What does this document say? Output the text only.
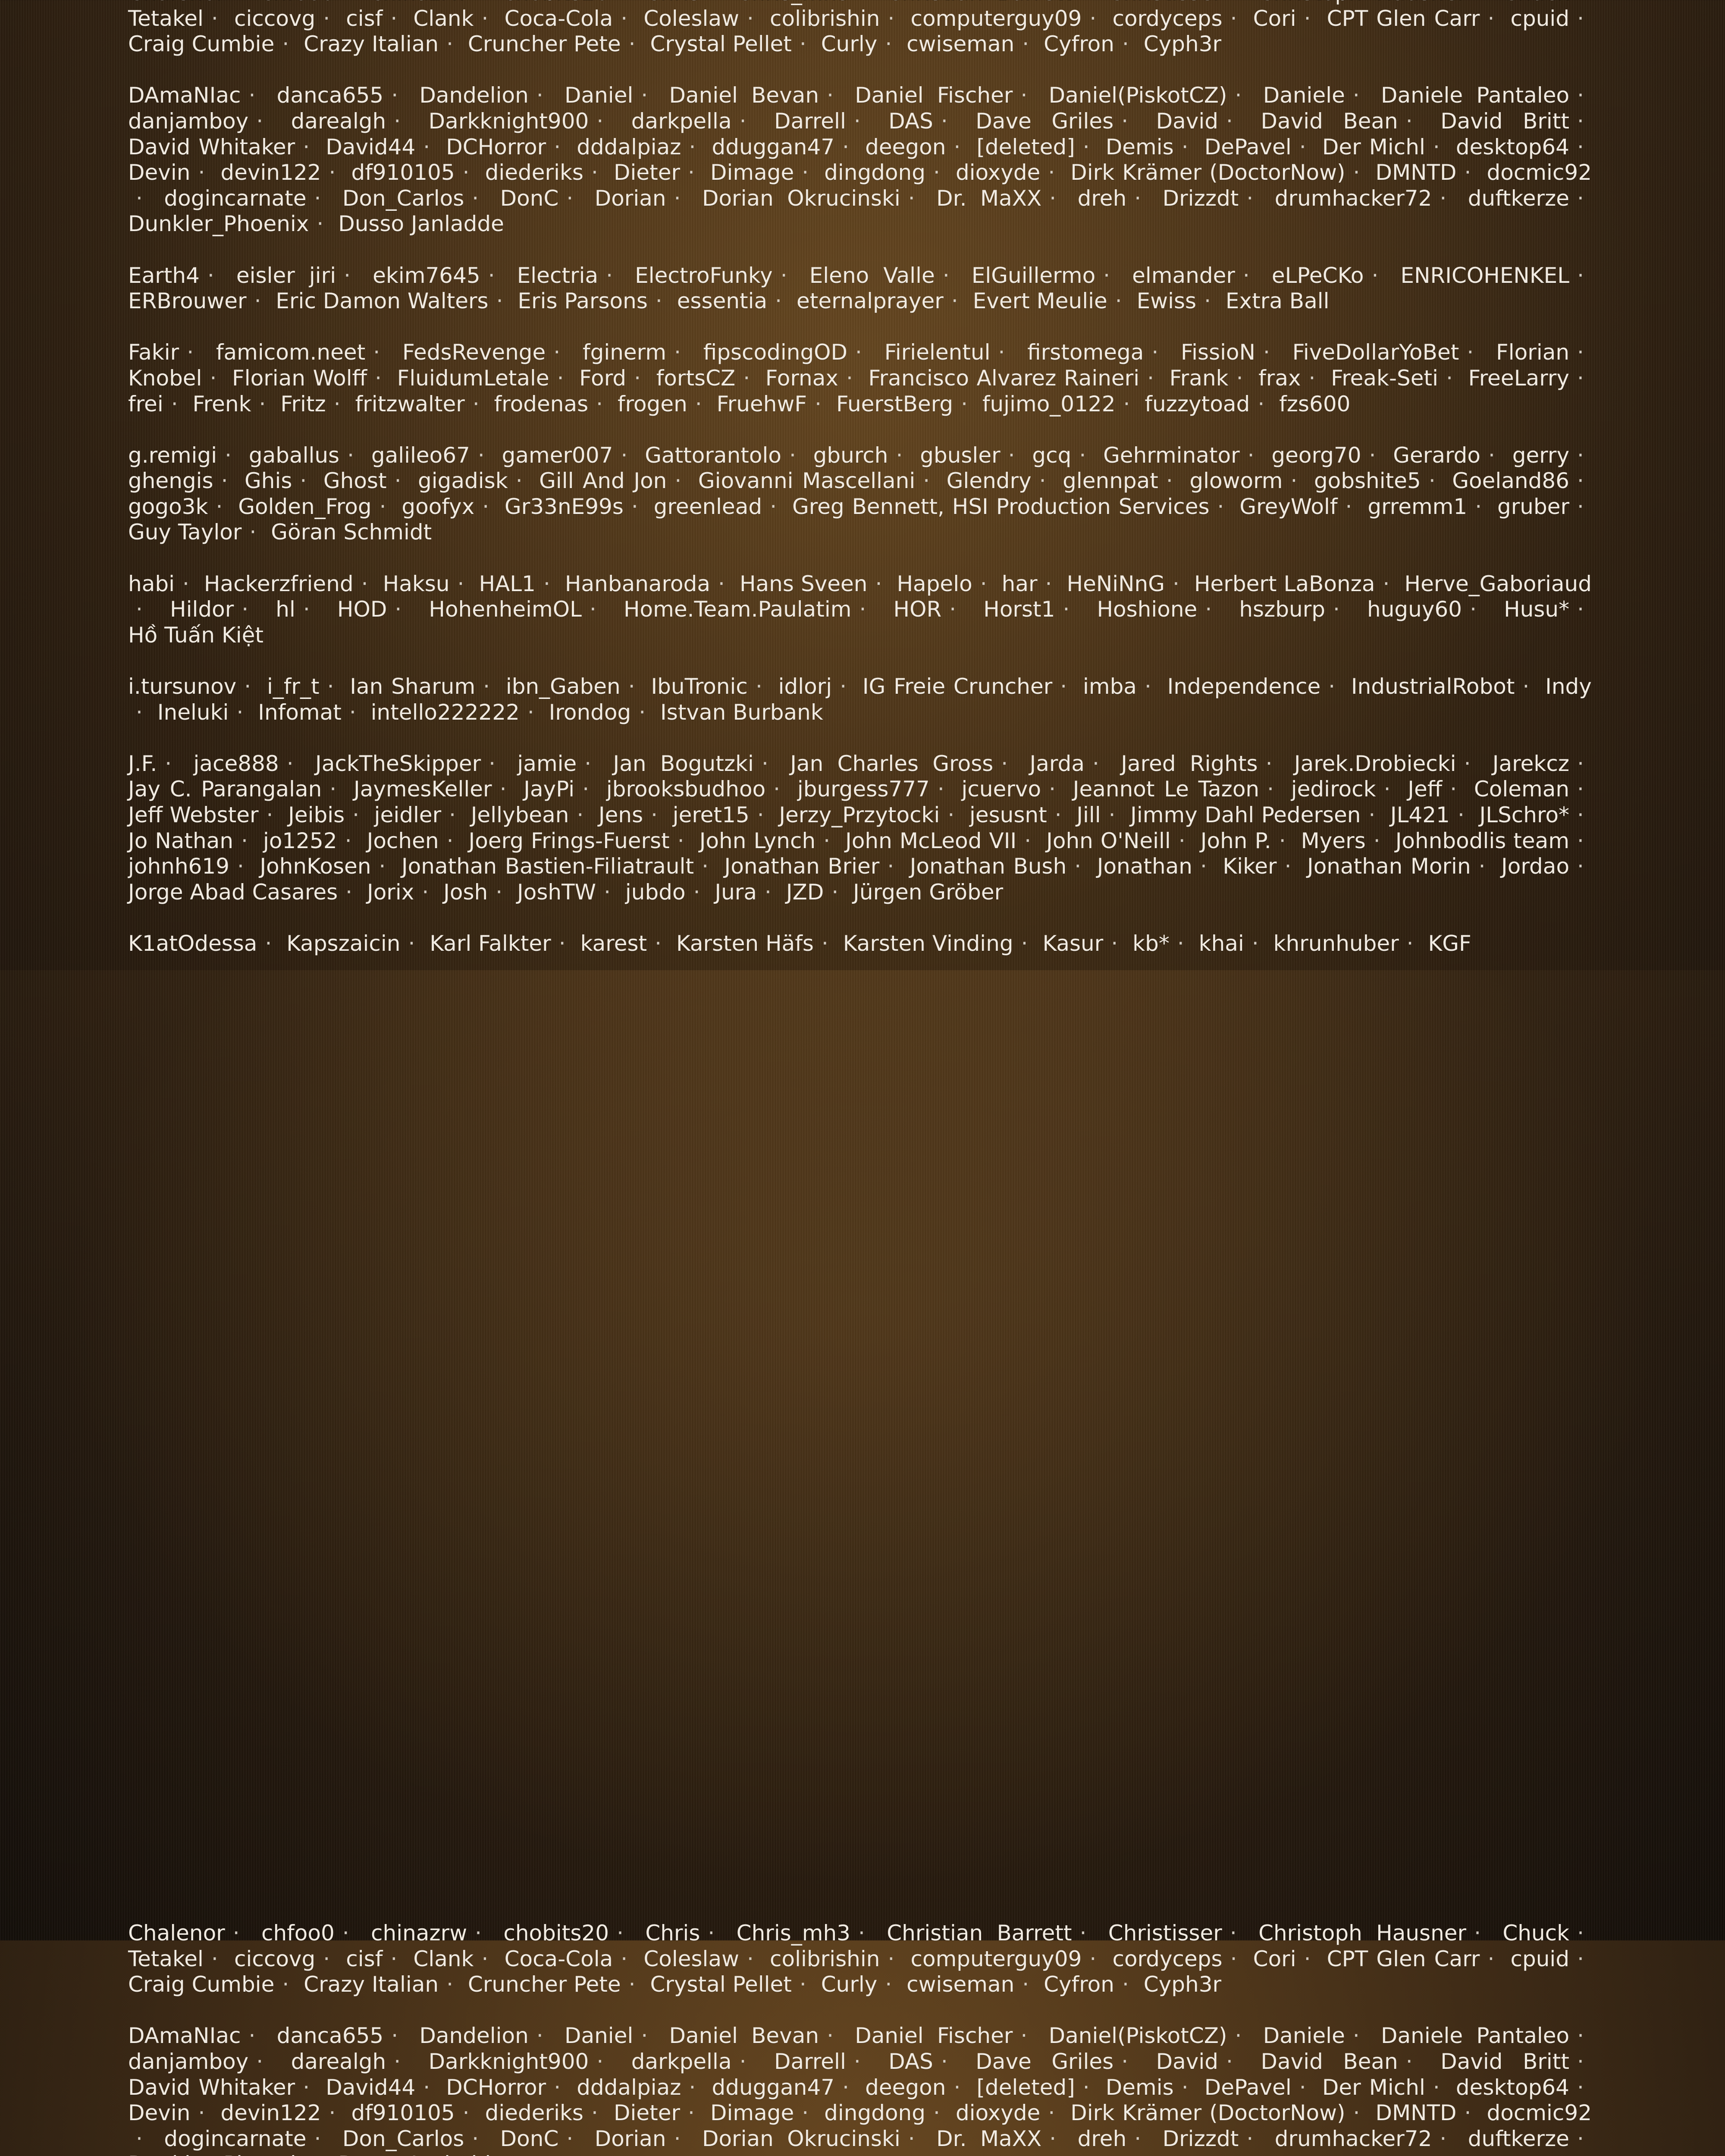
Tetakel · ciccovg · cisf · Clank · Coca-Cola · Coleslaw · colibrishin · computerguy09 · cordyceps · Cori · CPT Glen Carr · cpuid · Craig Cumbie · Crazy Italian · Cruncher Pete · Crystal Pellet · Curly · cwiseman · Cyfron · Cyph3r

DAmaNIac · danca655 · Dandelion · Daniel · Daniel Bevan · Daniel Fischer · Daniel(PiskotCZ) · Daniele · Daniele Pantaleo · danjamboy · darealgh · Darkknight900 · darkpella · Darrell · DAS · Dave Griles · David · David Bean · David Britt · David Whitaker · David44 · DCHorror · dddalpiaz · dduggan47 · deegon · [deleted] · Demis · DePavel · Der Michl · desktop64 · Devin · devin122 · df910105 · diederiks · Dieter · Dimage · dingdong · dioxyde · Dirk Krämer (DoctorNow) · DMNTD · docmic92· dogincarnate · Don_Carlos · DonC · Dorian · Dorian Okrucinski · Dr. MaXX · dreh · Drizzdt · drumhacker72 · duftkerze · Dunkler_Phoenix · Dusso Janladde

Earth4 · eisler jiri · ekim7645 · Electria · ElectroFunky · Eleno Valle · ElGuillermo · elmander · eLPeCKo · ENRICOHENKEL · ERBrouwer · Eric Damon Walters · Eris Parsons · essentia · eternalprayer · Evert Meulie · Ewiss · Extra Ball

Fakir · famicom.neet · FedsRevenge · fginerm · fipscodingOD · Firielentul · firstomega · FissioN · FiveDollarYoBet · Florian · Knobel · Florian Wolff · FluidumLetale · Ford · fortsCZ · Fornax · Francisco Alvarez Raineri · Frank · frax · Freak-Seti · FreeLarry · frei · Frenk · Fritz · fritzwalter · frodenas · frogen · FruehwF · FuerstBerg · fujimo_0122 · fuzzytoad · fzs600

g.remigi · gaballus · galileo67 · gamer007 · Gattorantolo · gburch · gbusler · gcq · Gehrminator · georg70 · Gerardo · gerry · ghengis · Ghis · Ghost · gigadisk · Gill And Jon · Giovanni Mascellani · Glendry · glennpat · gloworm · gobshite5 · Goeland86 · gogo3k · Golden_Frog · goofyx · Gr33nE99s · greenlead · Greg Bennett, HSI Production Services · GreyWolf · grremm1 · gruber · Guy Taylor · Göran Schmidt

habi · Hackerzfriend · Haksu · HAL1 · Hanbanaroda · Hans Sveen · Hapelo · har · HeNiNnG · Herbert LaBonza · Herve_Gaboriaud· Hildor · hl · HOD · HohenheimOL · Home.Team.Paulatim · HOR · Horst1 · Hoshione · hszburp · huguy60 · Husu* · Hồ Tuấn Kiệt

i.tursunov · i_fr_t · Ian Sharum · ibn_Gaben · IbuTronic · idlorj · IG Freie Cruncher · imba · Independence · IndustrialRobot · Indy· Ineluki · Infomat · intello222222 · Irondog · Istvan Burbank

J.F. · jace888 · JackTheSkipper · jamie · Jan Bogutzki · Jan Charles Gross · Jarda · Jared Rights · Jarek.Drobiecki · Jarekcz · Jay C. Parangalan · JaymesKeller · JayPi · jbrooksbudhoo · jburgess777 · jcuervo · Jeannot Le Tazon · jedirock · Jeff · Coleman · Jeff Webster · Jeibis · jeidler · Jellybean · Jens · jeret15 · Jerzy_Przytocki · jesusnt · Jill · Jimmy Dahl Pedersen · JL421 · JLSchro* · Jo Nathan · jo1252 · Jochen · Joerg Frings-Fuerst · John Lynch · John McLeod VII · John O'Neill · John P. · Myers · Johnbodlis team · johnh619 · JohnKosen · Jonathan Bastien-Filiatrault · Jonathan Brier · Jonathan Bush · Jonathan · Kiker · Jonathan Morin · Jordao · Jorge Abad Casares · Jorix · Josh · JoshTW · jubdo · Jura · JZD · Jürgen Gröber

K1atOdessa · Kapszaicin · Karl Falkter · karest · Karsten Häfs · Karsten Vinding · Kasur · kb* · khai · khrunhuber · KGF

Chalenor · chfoo0 · chinazrw · chobits20 · Chris · Chris_mh3 · Christian Barrett · Christisser · Christoph Hausner · Chuck · Tetakel · ciccovg · cisf · Clank · Coca-Cola · Coleslaw · colibrishin · computerguy09 · cordyceps · Cori · CPT Glen Carr · cpuid · Craig Cumbie · Crazy Italian · Cruncher Pete · Crystal Pellet · Curly · cwiseman · Cyfron · Cyph3r

DAmaNIac · danca655 · Dandelion · Daniel · Daniel Bevan · Daniel Fischer · Daniel(PiskotCZ) · Daniele · Daniele Pantaleo · danjamboy · darealgh · Darkknight900 · darkpella · Darrell · DAS · Dave Griles · David · David Bean · David Britt · David Whitaker · David44 · DCHorror · dddalpiaz · dduggan47 · deegon · [deleted] · Demis · DePavel · Der Michl · desktop64 · Devin · devin122 · df910105 · diederiks · Dieter · Dimage · dingdong · dioxyde · Dirk Krämer (DoctorNow) · DMNTD · docmic92· dogincarnate · Don_Carlos · DonC · Dorian · Dorian Okrucinski · Dr. MaXX · dreh · Drizzdt · drumhacker72 · duftkerze ·
